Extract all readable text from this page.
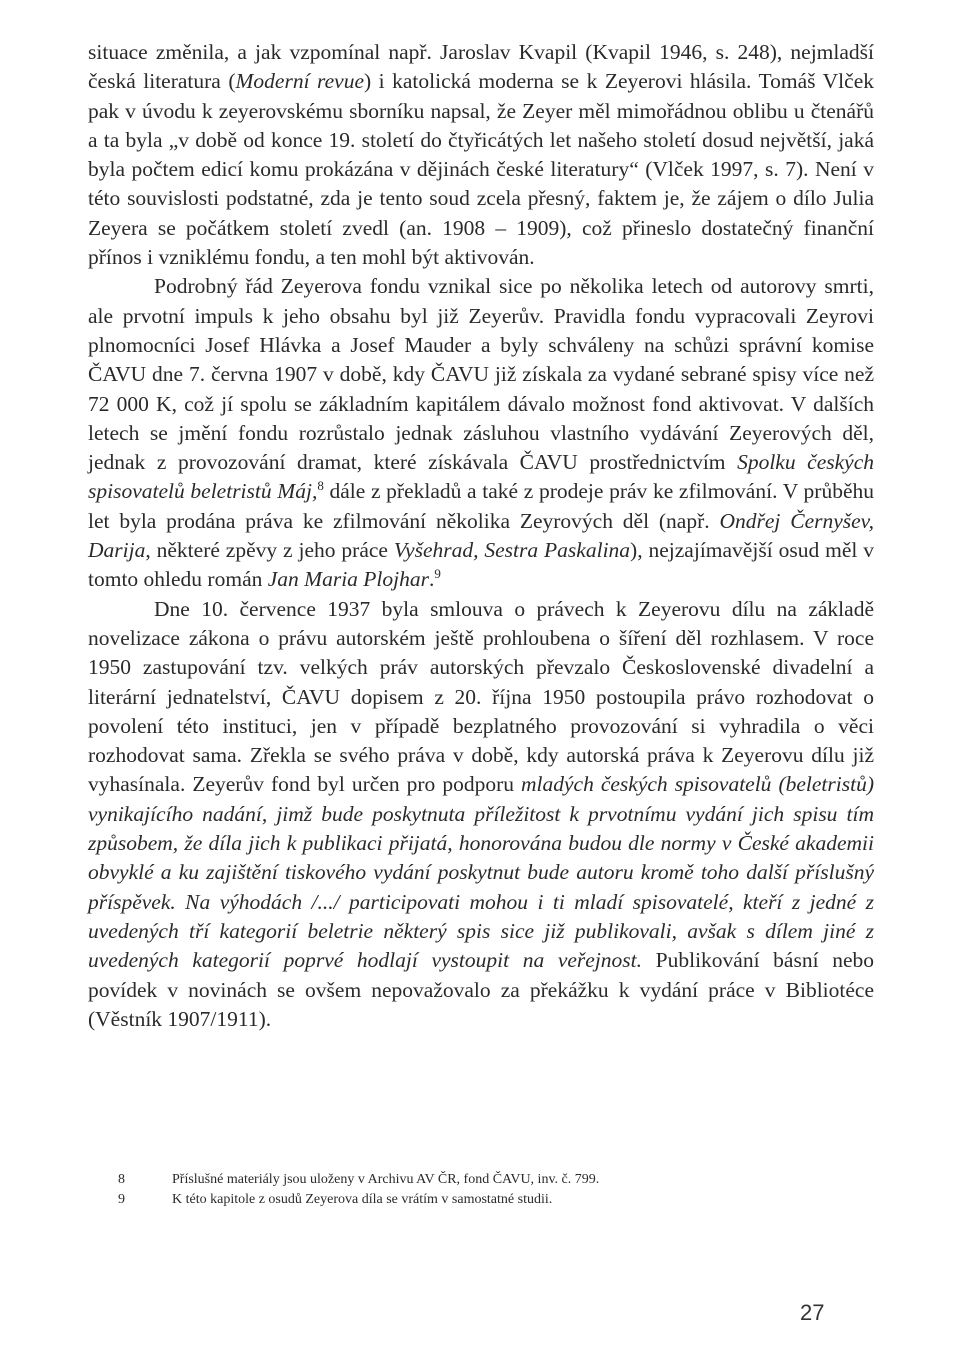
situace změnila, a jak vzpomínal např. Jaroslav Kvapil (Kvapil 1946, s. 248), nejmladší česká literatura (Moderní revue) i katolická moderna se k Zeyerovi hlásila. Tomáš Vlček pak v úvodu k zeyerovskému sborníku napsal, že Zeyer měl mimořádnou oblibu u čtenářů a ta byla „v době od konce 19. století do čtyřicátých let našeho století dosud největší, jaká byla počtem edicí komu prokázána v dějinách české literatury“ (Vlček 1997, s. 7). Není v této souvislosti podstatné, zda je tento soud zcela přesný, faktem je, že zájem o dílo Julia Zeyera se počátkem století zvedl (an. 1908 – 1909), což přineslo dostatečný finanční přínos i vzniklému fondu, a ten mohl být aktivován.

Podrobný řád Zeyerova fondu vznikal sice po několika letech od autorovy smrti, ale prvotní impuls k jeho obsahu byl již Zeyerův. Pravidla fondu vypracovali Zeyrovi plnomocníci Josef Hlávka a Josef Mauder a byly schváleny na schůzi správní komise ČAVU dne 7. června 1907 v době, kdy ČAVU již získala za vydané sebrané spisy více než 72 000 K, což jí spolu se základním kapitálem dávalo možnost fond aktivovat. V dalších letech se jmění fondu rozrůstalo jednak zásluhou vlastního vydávání Zeyerových děl, jednak z provozování dramat, které získávala ČAVU prostřednictvím Spolku českých spisovatelů beletristů Máj,$^8$ dále z překladů a také z prodeje práv ke zfilmování. V průběhu let byla prodána práva ke zfilmování několika Zeyrových děl (např. Ondřej Černyšev, Darija, některé zpěvy z jeho práce Vyšehrad, Sestra Paskalina), nejzajímavější osud měl v tomto ohledu román Jan Maria Plojhar.$^9$

Dne 10. července 1937 byla smlouva o právech k Zeyerovu dílu na základě novelizace zákona o právu autorském ještě prohloubena o šíření děl rozhlasem. V roce 1950 zastupování tzv. velkých práv autorských převzalo Československé divadelní a literární jednatelství, ČAVU dopisem z 20. října 1950 postoupila právo rozhodovat o povolení této instituci, jen v případě bezplatného provozování si vyhradila o věci rozhodovat sama. Zřekla se svého práva v době, kdy autorská práva k Zeyerovu dílu již vyhasínala. Zeyerův fond byl určen pro podporu mladých českých spisovatelů (beletristů) vynikajícího nadání, jimž bude poskytnuta příležitost k prvotnímu vydání jich spisu tím způsobem, že díla jich k publikaci přijatá, honorována budou dle normy v České akademii obvyklé a ku zajištění tiskového vydání poskytnut bude autoru kromě toho další příslušný příspěvek. Na výhodách /.../ participovati mohou i ti mladí spisovatelé, kteří z jedné z uvedených tří kategorií beletrie některý spis sice již publikovali, avšak s dílem jiné z uvedených kategorií poprvé hodlají vystoupit na veřejnost. Publikování básní nebo povídek v novinách se ovšem nepovažovalo za překážku k vydání práce v Bibliotéce (Věstník 1907/1911).

8	Příslušné materiály jsou uloženy v Archivu AV ČR, fond ČAVU, inv. č. 799.
9	K této kapitole z osudů Zeyerova díla se vrátím v samostatné studii.
27
